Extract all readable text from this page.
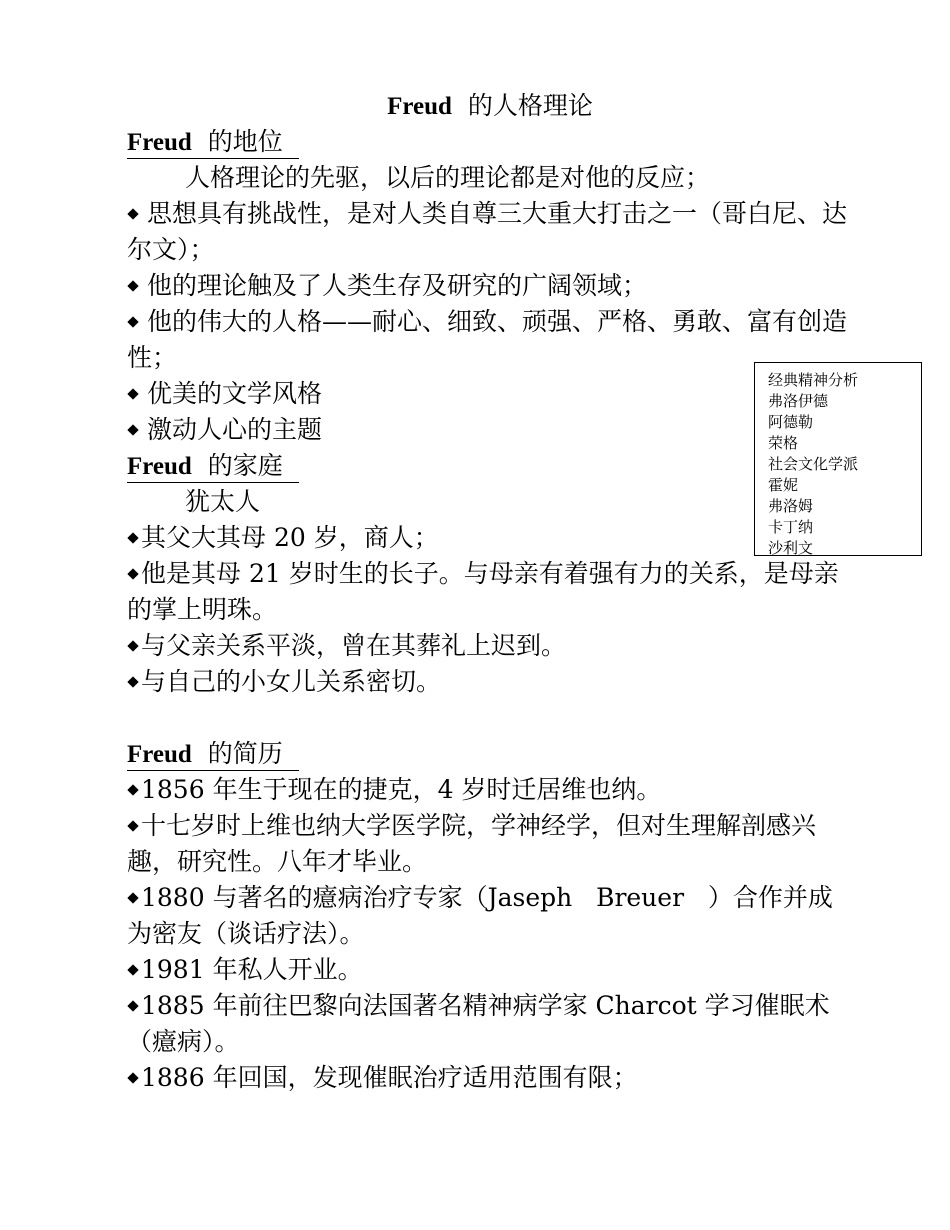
Freud 的人格理论
Freud 的地位
人格理论的先驱，以后的理论都是对他的反应；
思想具有挑战性，是对人类自尊三大重大打击之一（哥白尼、达尔文）；
他的理论触及了人类生存及研究的广阔领域；
他的伟大的人格——耐心、细致、顽强、严格、勇敢、富有创造性；
优美的文学风格
激动人心的主题
Freud 的家庭
犹太人
其父大其母 20 岁，商人；
他是其母 21 岁时生的长子。与母亲有着强有力的关系，是母亲的掌上明珠。
与父亲关系平淡，曾在其葬礼上迟到。
与自己的小女儿关系密切。
Freud 的简历
1856 年生于现在的捷克，4 岁时迁居维也纳。
十七岁时上维也纳大学医学院，学神经学，但对生理解剖感兴趣，研究性。八年才毕业。
1880 与著名的癔病治疗专家（Jaseph   Breuer   ）合作并成为密友（谈话疗法）。
1981 年私人开业。
1885 年前往巴黎向法国著名精神病学家 Charcot 学习催眠术（癔病）。
1886 年回国，发现催眠治疗适用范围有限；
经典精神分析
弗洛伊德
阿德勒
荣格
社会文化学派
霍妮
弗洛姆
卡丁纳
沙利文
